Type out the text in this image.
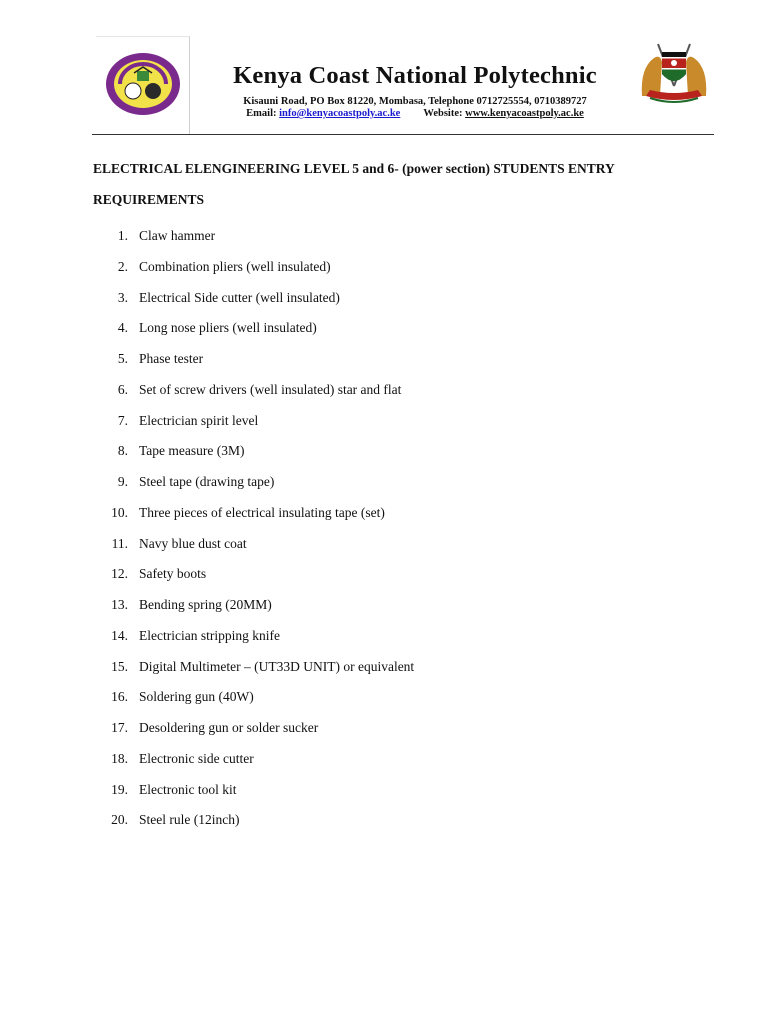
Kenya Coast National Polytechnic
Kisauni Road, PO Box 81220, Mombasa, Telephone 0712725554, 0710389727
Email: info@kenyacoastpoly.ac.ke Website: www.kenyacoastpoly.ac.ke
ELECTRICAL ELENGINEERING LEVEL 5 and 6- (power section) STUDENTS ENTRY REQUIREMENTS
1. Claw hammer
2. Combination pliers (well insulated)
3. Electrical Side cutter (well insulated)
4. Long nose pliers (well insulated)
5. Phase tester
6. Set of screw drivers (well insulated) star and flat
7. Electrician spirit level
8. Tape measure (3M)
9. Steel tape (drawing tape)
10. Three pieces of electrical insulating tape (set)
11. Navy blue dust coat
12. Safety boots
13. Bending spring (20MM)
14. Electrician stripping knife
15. Digital Multimeter – (UT33D UNIT) or equivalent
16. Soldering gun (40W)
17. Desoldering gun or solder sucker
18. Electronic side cutter
19. Electronic tool kit
20. Steel rule (12inch)
